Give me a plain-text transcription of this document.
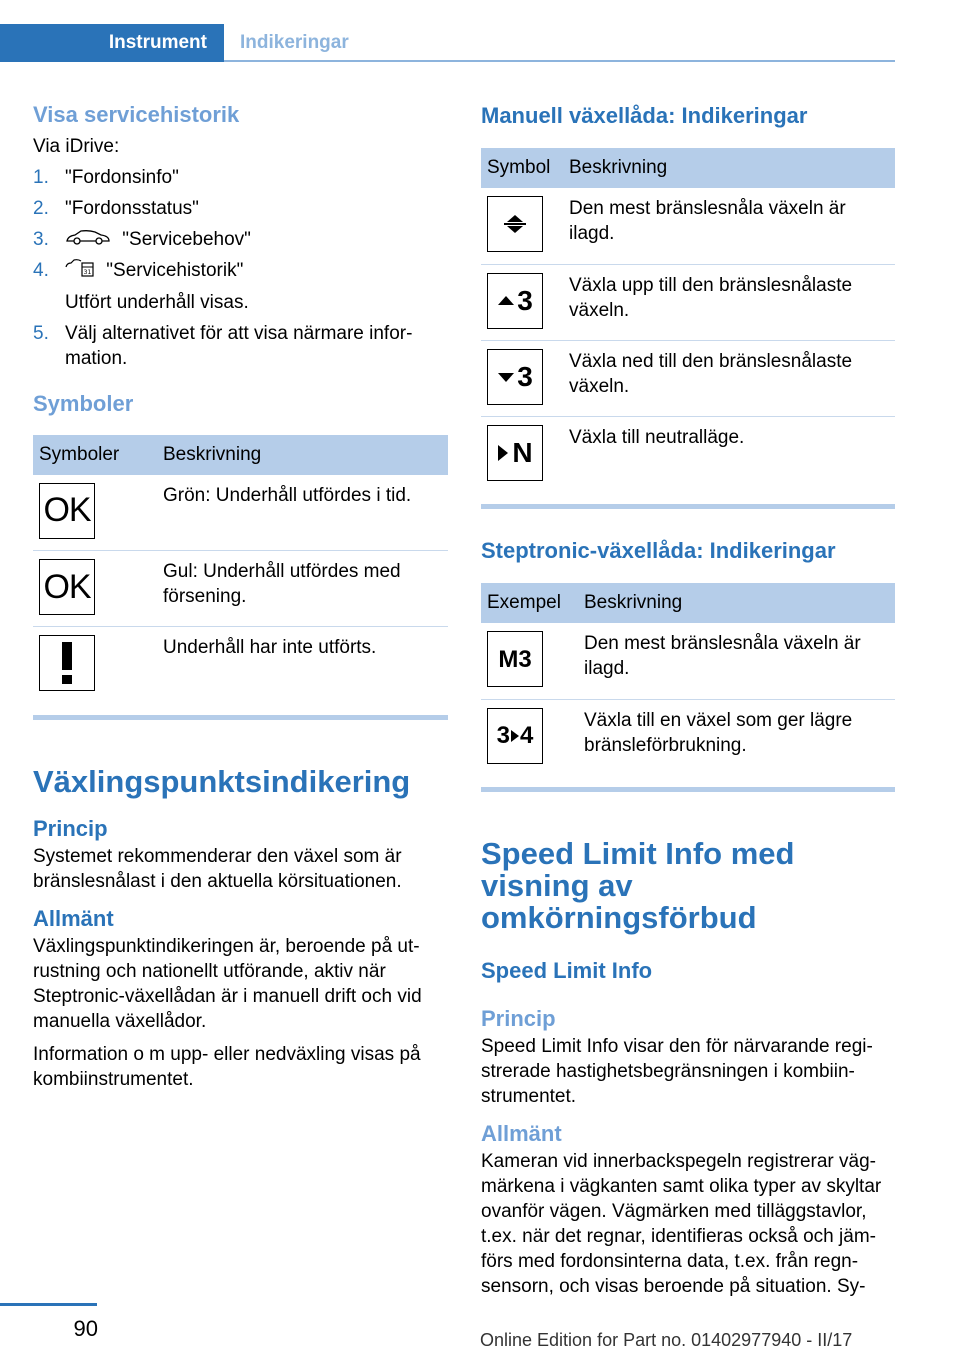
Instrument	Indikeringar
Visa servicehistorik

Via iDrive:

1. "Fordonsinfo"
2. "Fordonsstatus"
3.	"Servicebehov"
4.	31 "Servicehistorik"
Utfört underhåll visas.
5. Välj alternativet för att visa närmare infor‐mation.
Symboler
Symboler	Beskrivning

OK	Grön: Underhåll utfördes i tid.

OK	Gul: Underhåll utfördes med försening.

	Underhåll har inte utförts.
Växlingspunktsindikering
Princip

Systemet rekommenderar den växel som är bränslesnålast i den aktuella körsituationen.

Allmänt

Växlingspunktindikeringen är, beroende på ut‐rustning och nationellt utförande, aktiv när Steptronic-växellådan är i manuell drift och vid manuella växellådor.

Information o m upp- eller nedväxling visas på kombiinstrumentet.

Manuell växellåda: Indikeringar
Symbol	Beskrivning

	Den mest bränslesnåla växeln är ilagd.

3	Växla upp till den bränslesnålaste växeln.

3	Växla ned till den bränslesnålaste växeln.

N	Växla till neutralläge.
Steptronic-växellåda: Indikeringar
Exempel	Beskrivning

M3	Den mest bränslesnåla växeln är ilagd.

3 4	Växla till en växel som ger lägre bränsleförbrukning.
Speed Limit Info med visning av omkörningsförbud
Speed Limit Info
Princip

Speed Limit Info visar den för närvarande regi‐strerade hastighetsbegränsningen i kombiin‐strumentet.

Allmänt

Kameran vid innerbackspegeln registrerar väg‐märkena i vägkanten samt olika typer av skyltar ovanför vägen. Vägmärken med tilläggstavlor, t.ex. när det regnar, identifieras också och jäm‐förs med fordonsinterna data, t.ex. från regn‐sensorn, och visas beroende på situation. Sy-

90	Online Edition for Part no. 01402977940 - II/17
